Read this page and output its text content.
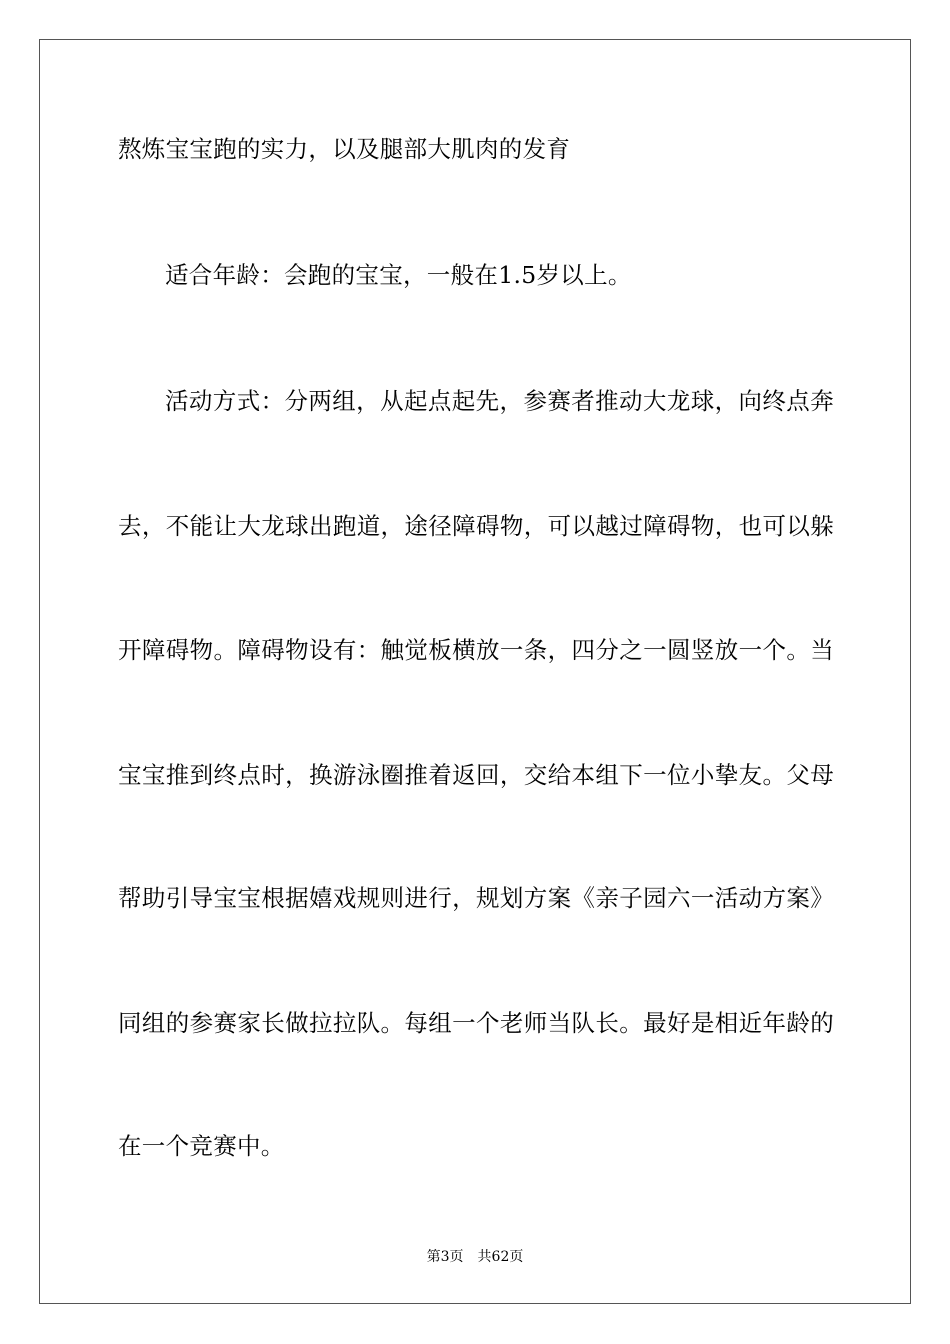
熬炼宝宝跑的实力，以及腿部大肌肉的发育
适合年龄：会跑的宝宝，一般在1.5岁以上。
活动方式：分两组，从起点起先，参赛者推动大龙球，向终点奔
去，不能让大龙球出跑道，途径障碍物，可以越过障碍物，也可以躲
开障碍物。障碍物设有：触觉板横放一条，四分之一圆竖放一个。当
宝宝推到终点时，换游泳圈推着返回，交给本组下一位小挚友。父母
帮助引导宝宝根据嬉戏规则进行，规划方案《亲子园六一活动方案》
同组的参赛家长做拉拉队。每组一个老师当队长。最好是相近年龄的
在一个竞赛中。
第3页 共62页
